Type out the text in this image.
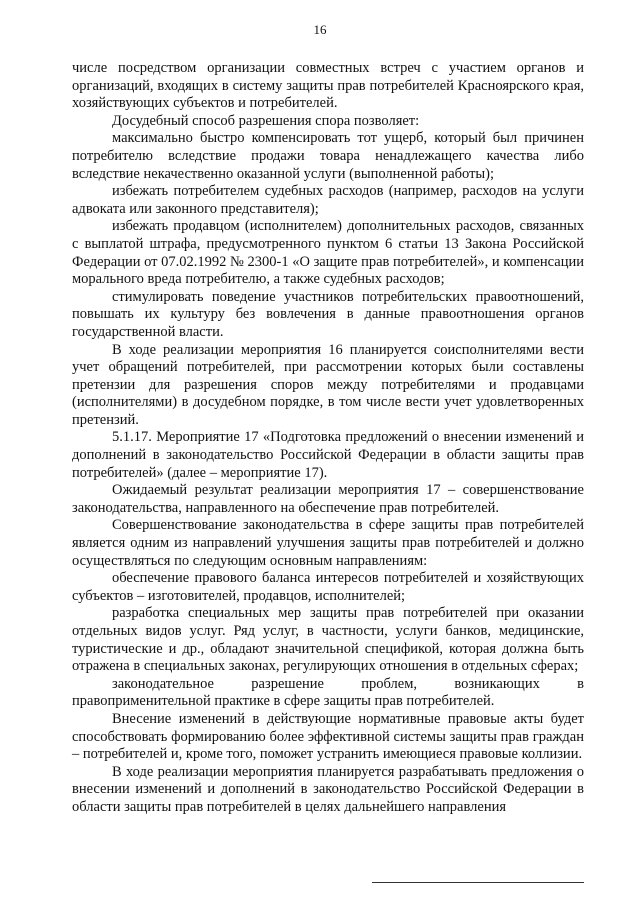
16

числе посредством организации совместных встреч с участием органов и организаций, входящих в систему защиты прав потребителей Красноярского края, хозяйствующих субъектов и потребителей.

Досудебный способ разрешения спора позволяет:

максимально быстро компенсировать тот ущерб, который был причинен потребителю вследствие продажи товара ненадлежащего качества либо вследствие некачественно оказанной услуги (выполненной работы);

избежать потребителем судебных расходов (например, расходов на услуги адвоката или законного представителя);

избежать продавцом (исполнителем) дополнительных расходов, связанных с выплатой штрафа, предусмотренного пунктом 6 статьи 13 Закона Российской Федерации от 07.02.1992 № 2300-1 «О защите прав потребителей», и компенсации морального вреда потребителю, а также судебных расходов;

стимулировать поведение участников потребительских правоотношений, повышать их культуру без вовлечения в данные правоотношения органов государственной власти.

В ходе реализации мероприятия 16 планируется соисполнителями вести учет обращений потребителей, при рассмотрении которых были составлены претензии для разрешения споров между потребителями и продавцами (исполнителями) в досудебном порядке, в том числе вести учет удовлетворенных претензий.

5.1.17. Мероприятие 17 «Подготовка предложений о внесении изменений и дополнений в законодательство Российской Федерации в области защиты прав потребителей» (далее – мероприятие 17).

Ожидаемый результат реализации мероприятия 17 – совершенствование законодательства, направленного на обеспечение прав потребителей.

Совершенствование законодательства в сфере защиты прав потребителей является одним из направлений улучшения защиты прав потребителей и должно осуществляться по следующим основным направлениям:

обеспечение правового баланса интересов потребителей и хозяйствующих субъектов – изготовителей, продавцов, исполнителей;

разработка специальных мер защиты прав потребителей при оказании отдельных видов услуг. Ряд услуг, в частности, услуги банков, медицинские, туристические и др., обладают значительной спецификой, которая должна быть отражена в специальных законах, регулирующих отношения в отдельных сферах;

законодательное разрешение проблем, возникающих в правоприменительной практике в сфере защиты прав потребителей.

Внесение изменений в действующие нормативные правовые акты будет способствовать формированию более эффективной системы защиты прав граждан – потребителей и, кроме того, поможет устранить имеющиеся правовые коллизии.

В ходе реализации мероприятия планируется разрабатывать предложения о внесении изменений и дополнений в законодательство Российской Федерации в области защиты прав потребителей в целях дальнейшего направления
